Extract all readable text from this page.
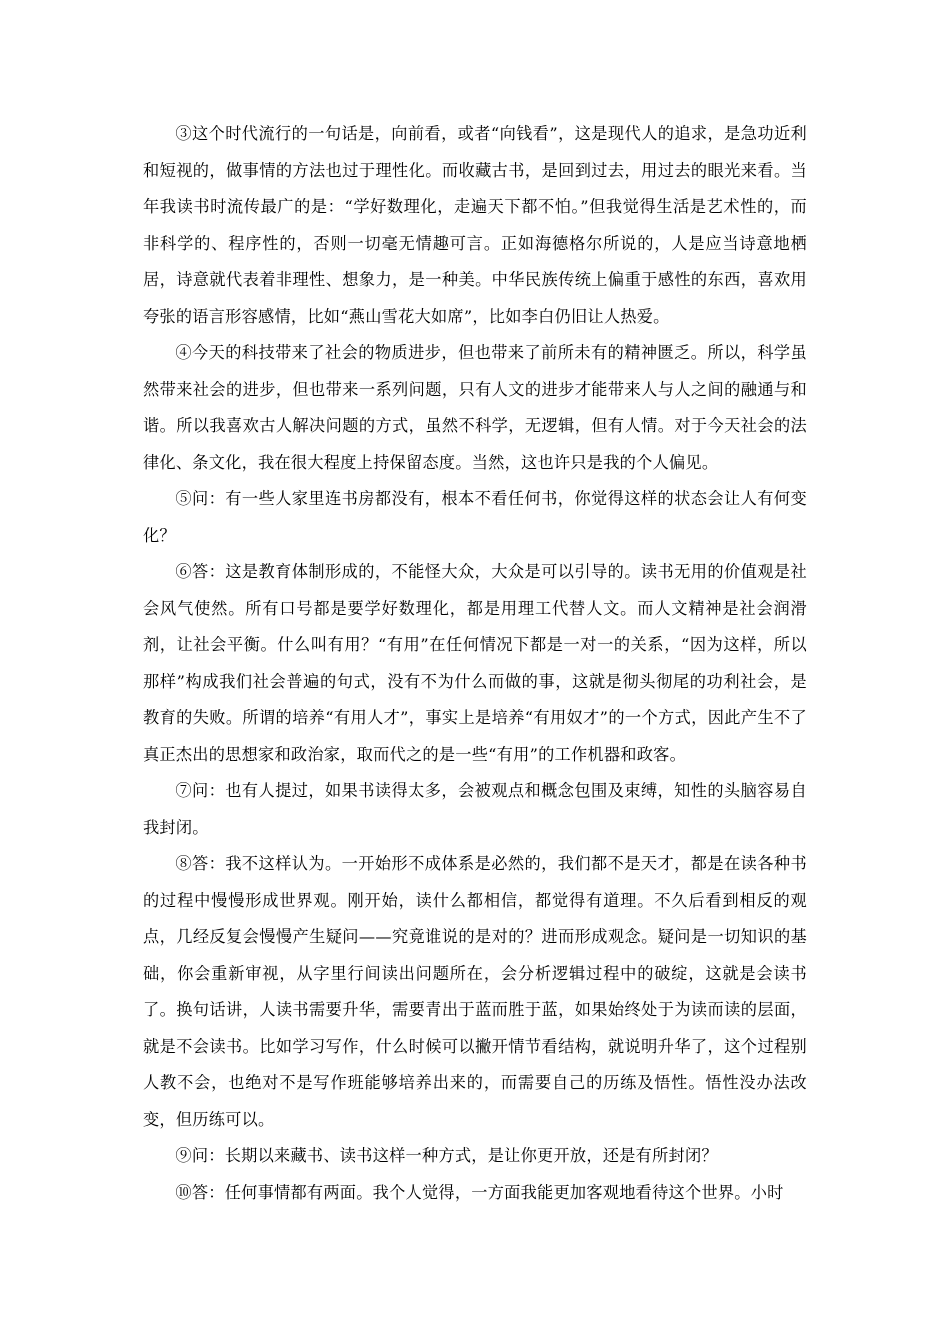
③这个时代流行的一句话是，向前看，或者“向钱看”，这是现代人的追求，是急功近利和短视的，做事情的方法也过于理性化。而收藏古书，是回到过去，用过去的眼光来看。当年我读书时流传最广的是：“学好数理化，走遍天下都不怕。”但我觉得生活是艺术性的，而非科学的、程序性的，否则一切毫无情趣可言。正如海德格尔所说的，人是应当诗意地栖居，诗意就代表着非理性、想象力，是一种美。中华民族传统上偏重于感性的东西，喜欢用夸张的语言形容感情，比如“燕山雪花大如席”，比如李白仍旧让人热爱。

④今天的科技带来了社会的物质进步，但也带来了前所未有的精神匮乏。所以，科学虽然带来社会的进步，但也带来一系列问题，只有人文的进步才能带来人与人之间的融通与和谐。所以我喜欢古人解决问题的方式，虽然不科学，无逻辑，但有人情。对于今天社会的法律化、条文化，我在很大程度上持保留态度。当然，这也许只是我的个人偏见。

⑤问：有一些人家里连书房都没有，根本不看任何书，你觉得这样的状态会让人有何变化？

⑥答：这是教育体制形成的，不能怪大众，大众是可以引导的。读书无用的价值观是社会风气使然。所有口号都是要学好数理化，都是用理工代替人文。而人文精神是社会润滑剂，让社会平衡。什么叫有用？“有用”在任何情况下都是一对一的关系，“因为这样，所以那样”构成我们社会普遍的句式，没有不为什么而做的事，这就是彻头彻尾的功利社会，是教育的失败。所谓的培养“有用人才”，事实上是培养“有用奴才”的一个方式，因此产生不了真正杰出的思想家和政治家，取而代之的是一些“有用”的工作机器和政客。

⑦问：也有人提过，如果书读得太多，会被观点和概念包围及束缚，知性的头脑容易自我封闭。

⑧答：我不这样认为。一开始形不成体系是必然的，我们都不是天才，都是在读各种书的过程中慢慢形成世界观。刚开始，读什么都相信，都觉得有道理。不久后看到相反的观点，几经反复会慢慢产生疑问——究竟谁说的是对的？进而形成观念。疑问是一切知识的基础，你会重新审视，从字里行间读出问题所在，会分析逻辑过程中的破绽，这就是会读书了。换句话讲，人读书需要升华，需要青出于蓝而胜于蓝，如果始终处于为读而读的层面，就是不会读书。比如学习写作，什么时候可以撇开情节看结构，就说明升华了，这个过程别人教不会，也绝对不是写作班能够培养出来的，而需要自己的历练及悟性。悟性没办法改变，但历练可以。

⑨问：长期以来藏书、读书这样一种方式，是让你更开放，还是有所封闭？

⑩答：任何事情都有两面。我个人觉得，一方面我能更加客观地看待这个世界。小时
